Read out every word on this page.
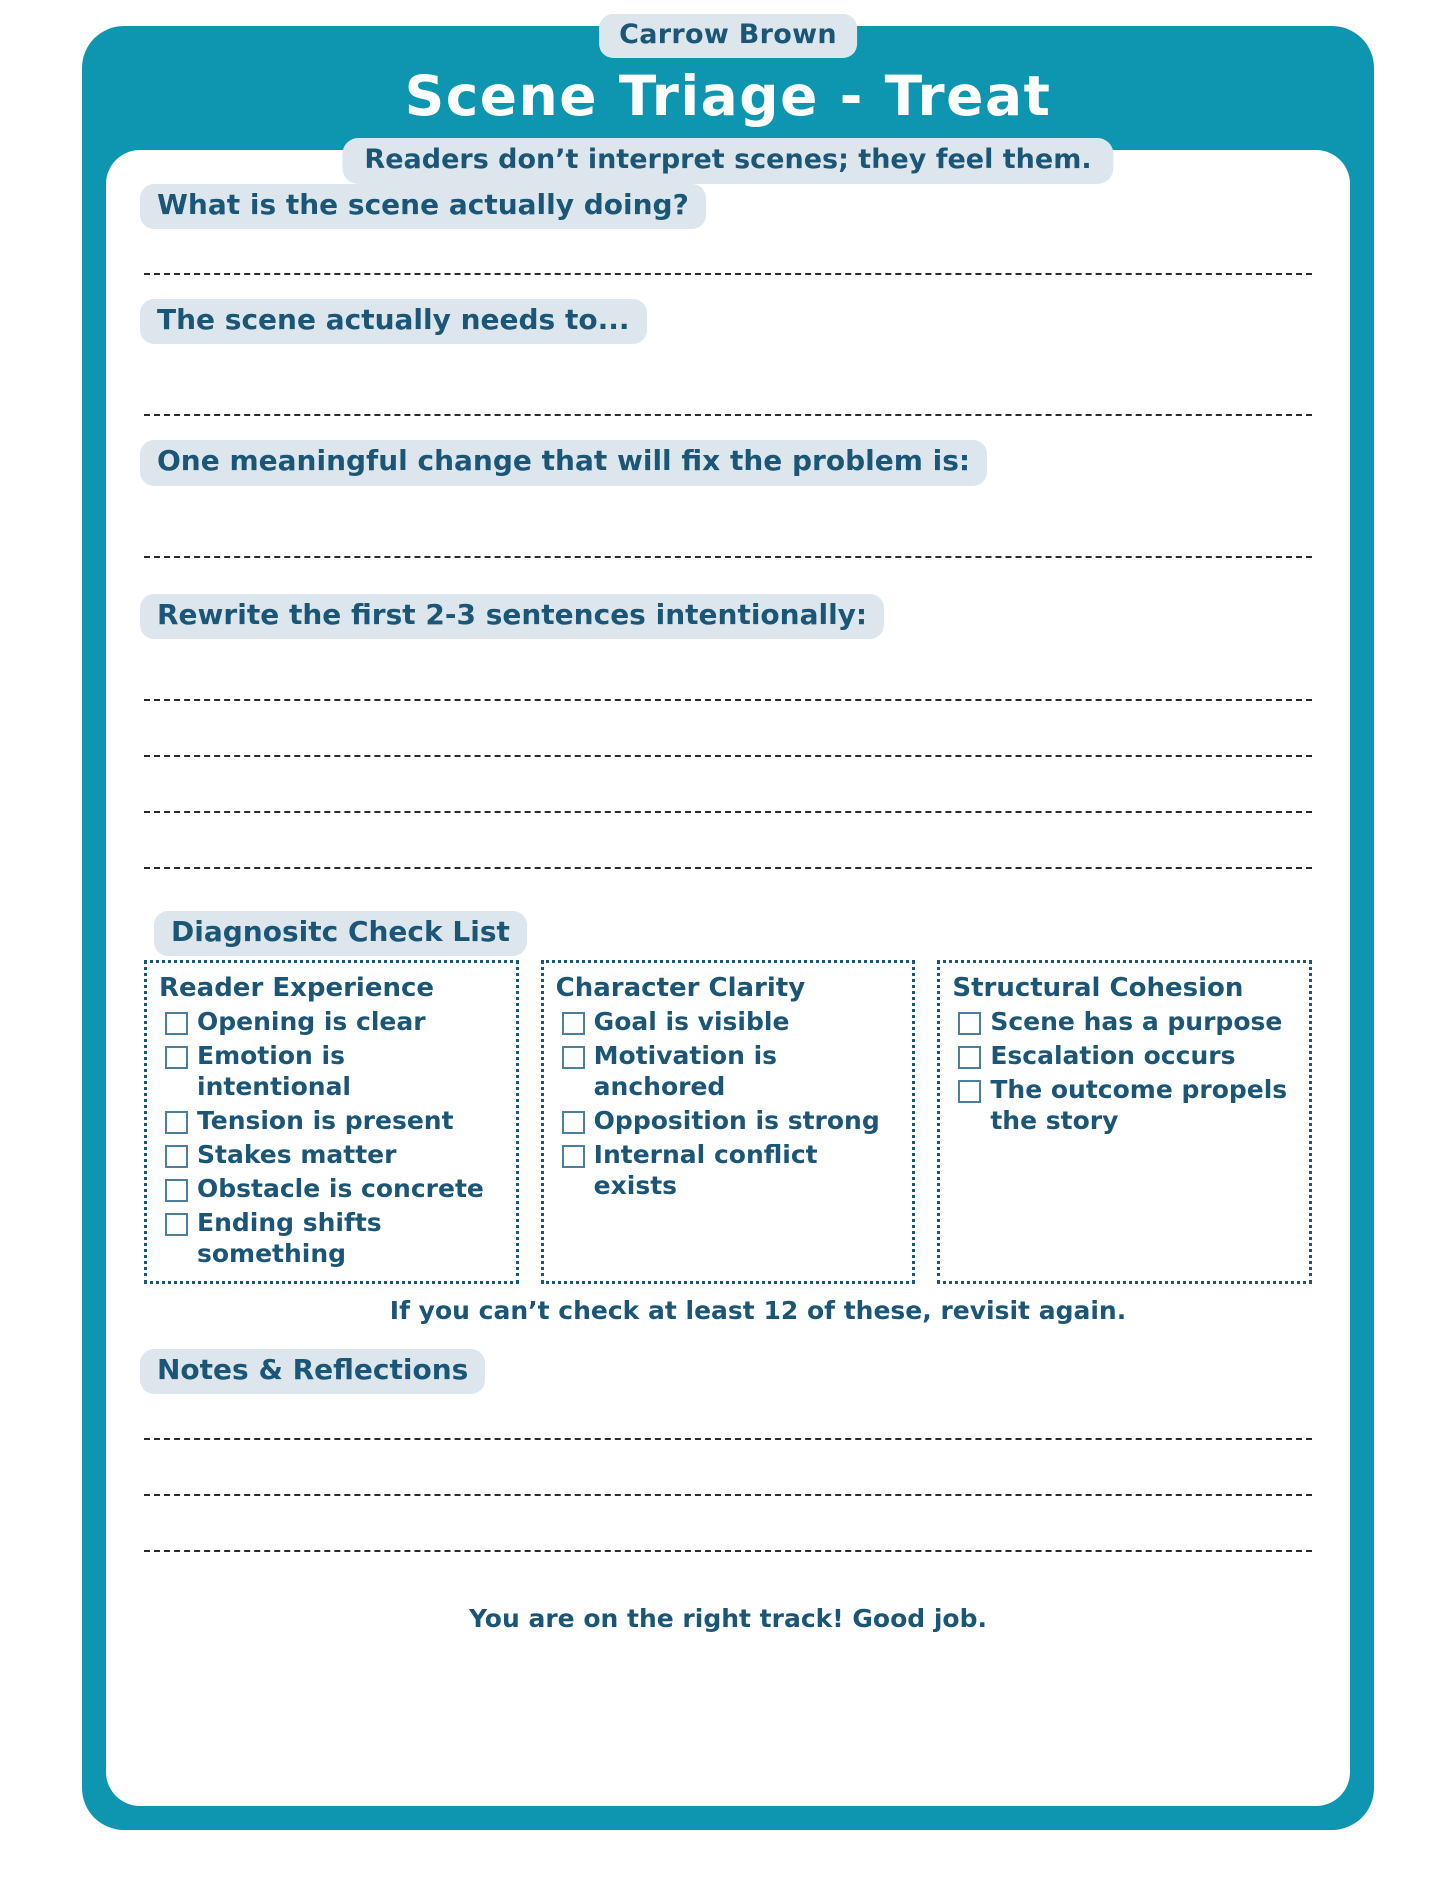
Carrow Brown
Scene Triage - Treat
Readers don’t interpret scenes; they feel them.
What is the scene actually doing?
The scene actually needs to...
One meaningful change that will fix the problem is:
Rewrite the first 2-3 sentences intentionally:
Diagnositc Check List
Reader Experience
Opening is clear
Emotion is intentional
Tension is present
Stakes matter
Obstacle is concrete
Ending shifts something
Character Clarity
Goal is visible
Motivation is anchored
Opposition is strong
Internal conflict exists
Structural Cohesion
Scene has a purpose
Escalation occurs
The outcome propels the story
If you can’t check at least 12 of these, revisit again.
Notes & Reflections
You are on the right track! Good job.
